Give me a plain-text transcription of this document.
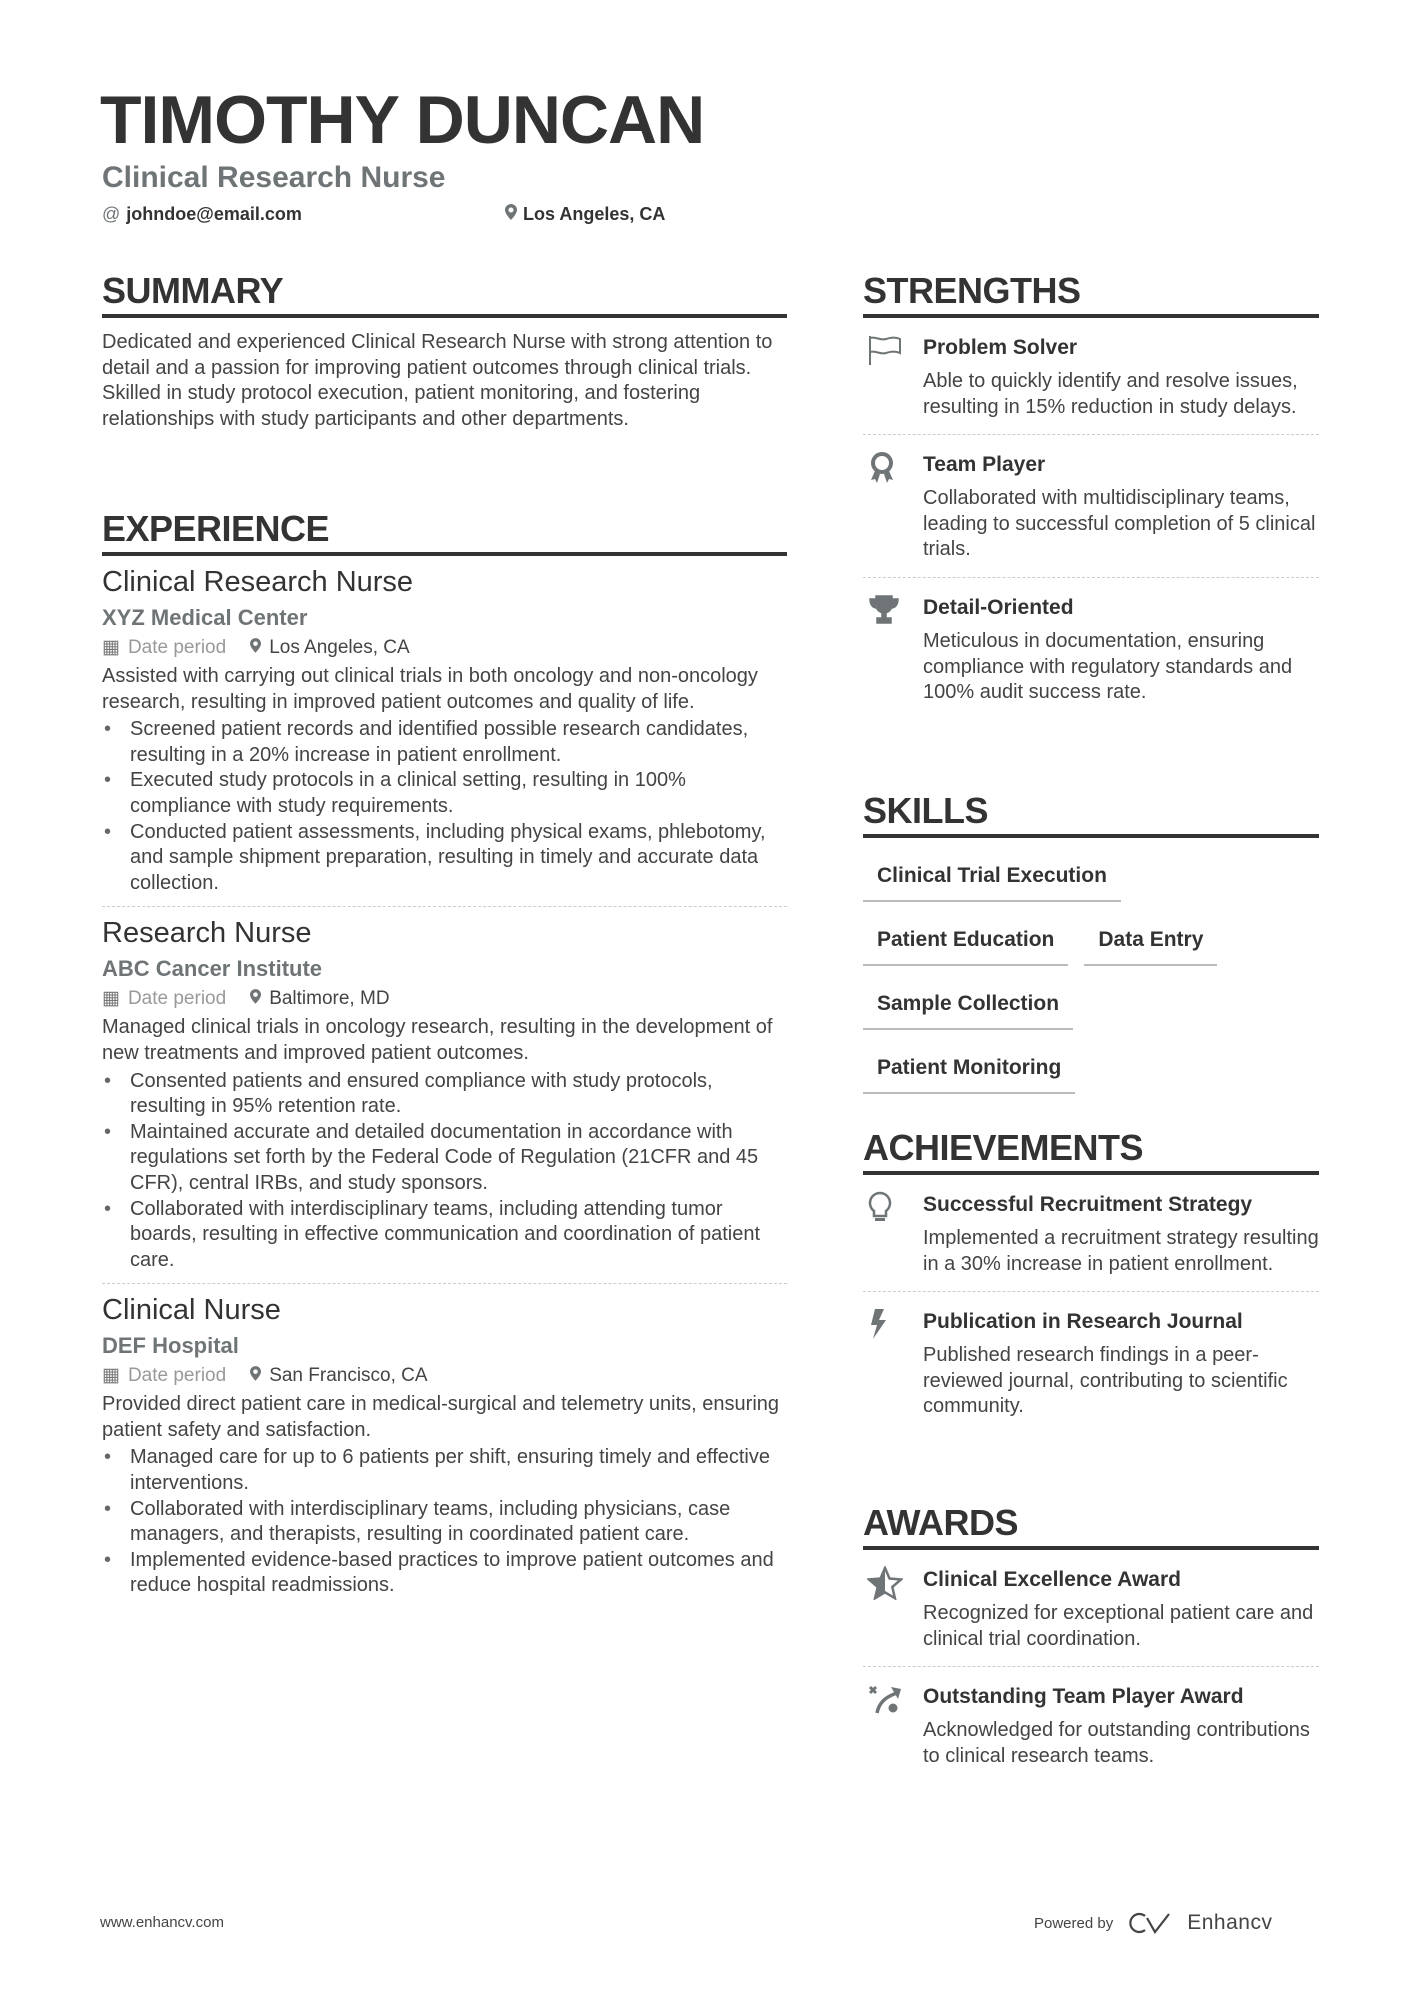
TIMOTHY DUNCAN
Clinical Research Nurse
@ johndoe@email.com	Los Angeles, CA
SUMMARY

Dedicated and experienced Clinical Research Nurse with strong attention to detail and a passion for improving patient outcomes through clinical trials. Skilled in study protocol execution, patient monitoring, and fostering relationships with study participants and other departments.

EXPERIENCE
Clinical Research Nurse
XYZ Medical Center
▦ Date period	Los Angeles, CA

Assisted with carrying out clinical trials in both oncology and non-oncology research, resulting in improved patient outcomes and quality of life.

• Screened patient records and identified possible research candidates, resulting in a 20% increase in patient enrollment.
• Executed study protocols in a clinical setting, resulting in 100% compliance with study requirements.
• Conducted patient assessments, including physical exams, phlebotomy, and sample shipment preparation, resulting in timely and accurate data collection.
Research Nurse
ABC Cancer Institute
▦ Date period	Baltimore, MD

Managed clinical trials in oncology research, resulting in the development of new treatments and improved patient outcomes.

• Consented patients and ensured compliance with study protocols, resulting in 95% retention rate.
• Maintained accurate and detailed documentation in accordance with regulations set forth by the Federal Code of Regulation (21CFR and 45 CFR), central IRBs, and study sponsors.
• Collaborated with interdisciplinary teams, including attending tumor boards, resulting in effective communication and coordination of patient care.
Clinical Nurse
DEF Hospital
▦ Date period	San Francisco, CA

Provided direct patient care in medical-surgical and telemetry units, ensuring patient safety and satisfaction.

• Managed care for up to 6 patients per shift, ensuring timely and effective interventions.
• Collaborated with interdisciplinary teams, including physicians, case managers, and therapists, resulting in coordinated patient care.
• Implemented evidence-based practices to improve patient outcomes and reduce hospital readmissions.
STRENGTHS
Problem Solver
Able to quickly identify and resolve issues, resulting in 15% reduction in study delays.
Team Player
Collaborated with multidisciplinary teams, leading to successful completion of 5 clinical trials.
Detail-Oriented
Meticulous in documentation, ensuring compliance with regulatory standards and 100% audit success rate.
SKILLS
Clinical Trial Execution
Patient Education	Data Entry
Sample Collection
Patient Monitoring
ACHIEVEMENTS
Successful Recruitment Strategy
Implemented a recruitment strategy resulting in a 30% increase in patient enrollment.
Publication in Research Journal
Published research findings in a peer-reviewed journal, contributing to scientific community.
AWARDS
Clinical Excellence Award
Recognized for exceptional patient care and clinical trial coordination.
Outstanding Team Player Award
Acknowledged for outstanding contributions to clinical research teams.
www.enhancv.com	Powered by	Enhancv
